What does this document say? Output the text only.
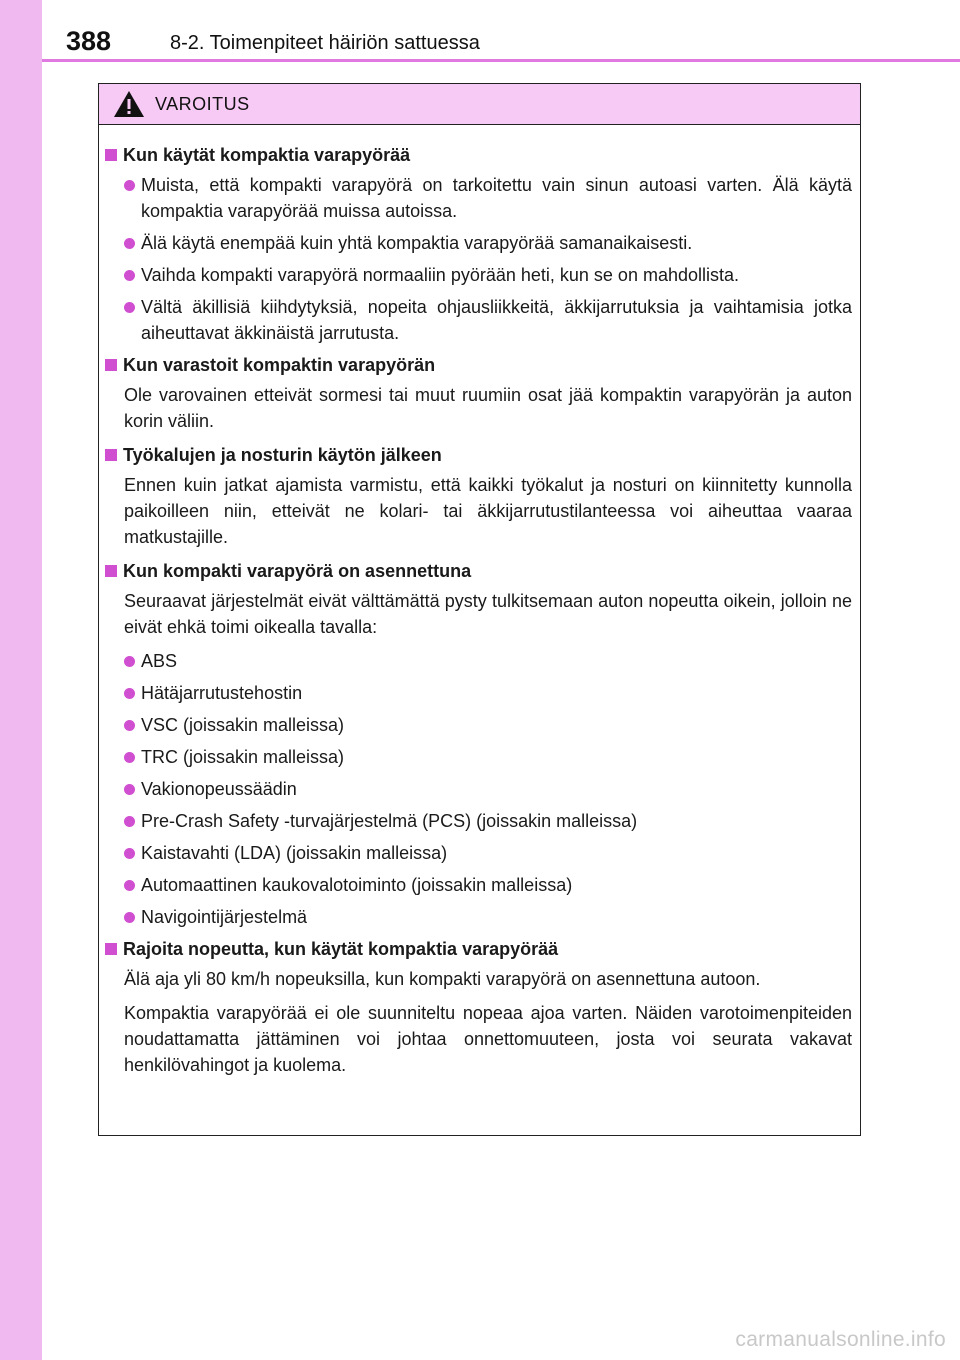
388	8-2. Toimenpiteet häiriön sattuessa
VAROITUS
Kun käytät kompaktia varapyörää
Muista, että kompakti varapyörä on tarkoitettu vain sinun autoasi varten. Älä käytä kompaktia varapyörää muissa autoissa.
Älä käytä enempää kuin yhtä kompaktia varapyörää samanaikaisesti.
Vaihda kompakti varapyörä normaaliin pyörään heti, kun se on mahdollista.
Vältä äkillisiä kiihdytyksiä, nopeita ohjausliikkeitä, äkkijarrutuksia ja vaihtamisia jotka aiheuttavat äkkinäistä jarrutusta.
Kun varastoit kompaktin varapyörän
Ole varovainen etteivät sormesi tai muut ruumiin osat jää kompaktin varapyörän ja auton korin väliin.
Työkalujen ja nosturin käytön jälkeen
Ennen kuin jatkat ajamista varmistu, että kaikki työkalut ja nosturi on kiinnitetty kunnolla paikoilleen niin, etteivät ne kolari- tai äkkijarrutustilanteessa voi aiheuttaa vaaraa matkustajille.
Kun kompakti varapyörä on asennettuna
Seuraavat järjestelmät eivät välttämättä pysty tulkitsemaan auton nopeutta oikein, jolloin ne eivät ehkä toimi oikealla tavalla:
ABS
Hätäjarrutustehostin
VSC (joissakin malleissa)
TRC (joissakin malleissa)
Vakionopeussäädin
Pre-Crash Safety -turvajärjestelmä (PCS) (joissakin malleissa)
Kaistavahti (LDA) (joissakin malleissa)
Automaattinen kaukovalotoiminto (joissakin malleissa)
Navigointijärjestelmä
Rajoita nopeutta, kun käytät kompaktia varapyörää
Älä aja yli 80 km/h nopeuksilla, kun kompakti varapyörä on asennettuna autoon.
Kompaktia varapyörää ei ole suunniteltu nopeaa ajoa varten. Näiden varotoimenpiteiden noudattamatta jättäminen voi johtaa onnettomuuteen, josta voi seurata vakavat henkilövahingot ja kuolema.
carmanualsonline.info
